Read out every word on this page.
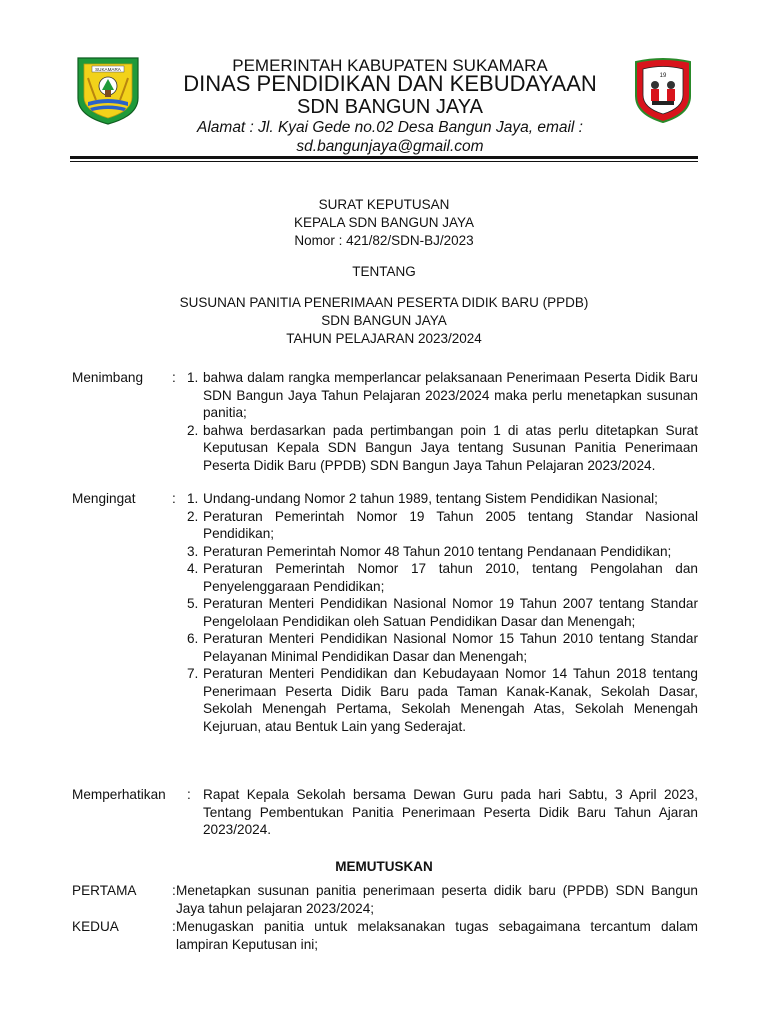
SUKAMARA
19
PEMERINTAH KABUPATEN SUKAMARA
DINAS PENDIDIKAN DAN KEBUDAYAAN
SDN BANGUN JAYA
Alamat : Jl. Kyai Gede no.02 Desa Bangun Jaya, email :
sd.bangunjaya@gmail.com
SURAT KEPUTUSAN
KEPALA SDN BANGUN JAYA
Nomor : 421/82/SDN-BJ/2023
TENTANG
SUSUNAN PANITIA PENERIMAAN PESERTA DIDIK BARU (PPDB)
SDN BANGUN JAYA
TAHUN PELAJARAN 2023/2024
Menimbang : 1. bahwa dalam rangka memperlancar pelaksanaan Penerimaan Peserta Didik Baru SDN Bangun Jaya Tahun Pelajaran 2023/2024 maka perlu menetapkan susunan panitia;
2. bahwa berdasarkan pada pertimbangan poin 1 di atas perlu ditetapkan Surat Keputusan Kepala SDN Bangun Jaya tentang Susunan Panitia Penerimaan Peserta Didik Baru (PPDB) SDN Bangun Jaya Tahun Pelajaran 2023/2024.
Mengingat	: 1. Undang-undang Nomor 2 tahun 1989, tentang Sistem Pendidikan Nasional;
2. Peraturan Pemerintah Nomor 19 Tahun 2005 tentang Standar Nasional Pendidikan;
3. Peraturan Pemerintah Nomor 48 Tahun 2010 tentang Pendanaan Pendidikan;
4. Peraturan Pemerintah Nomor 17 tahun 2010, tentang Pengolahan dan Penyelenggaraan Pendidikan;
5. Peraturan Menteri Pendidikan Nasional Nomor 19 Tahun 2007 tentang Standar Pengelolaan Pendidikan oleh Satuan Pendidikan Dasar dan Menengah;
6. Peraturan Menteri Pendidikan Nasional Nomor 15 Tahun 2010 tentang Standar Pelayanan Minimal Pendidikan Dasar dan Menengah;
7. Peraturan Menteri Pendidikan dan Kebudayaan Nomor 14 Tahun 2018 tentang Penerimaan Peserta Didik Baru pada Taman Kanak-Kanak, Sekolah Dasar, Sekolah Menengah Pertama, Sekolah Menengah Atas, Sekolah Menengah Kejuruan, atau Bentuk Lain yang Sederajat.
Memperhatikan : Rapat Kepala Sekolah bersama Dewan Guru pada hari Sabtu, 3 April 2023, Tentang Pembentukan Panitia Penerimaan Peserta Didik Baru Tahun Ajaran 2023/2024.
MEMUTUSKAN
PERTAMA	: Menetapkan susunan panitia penerimaan peserta didik baru (PPDB) SDN Bangun Jaya tahun pelajaran 2023/2024;
KEDUA	: Menugaskan panitia untuk melaksanakan tugas sebagaimana tercantum dalam lampiran Keputusan ini;
